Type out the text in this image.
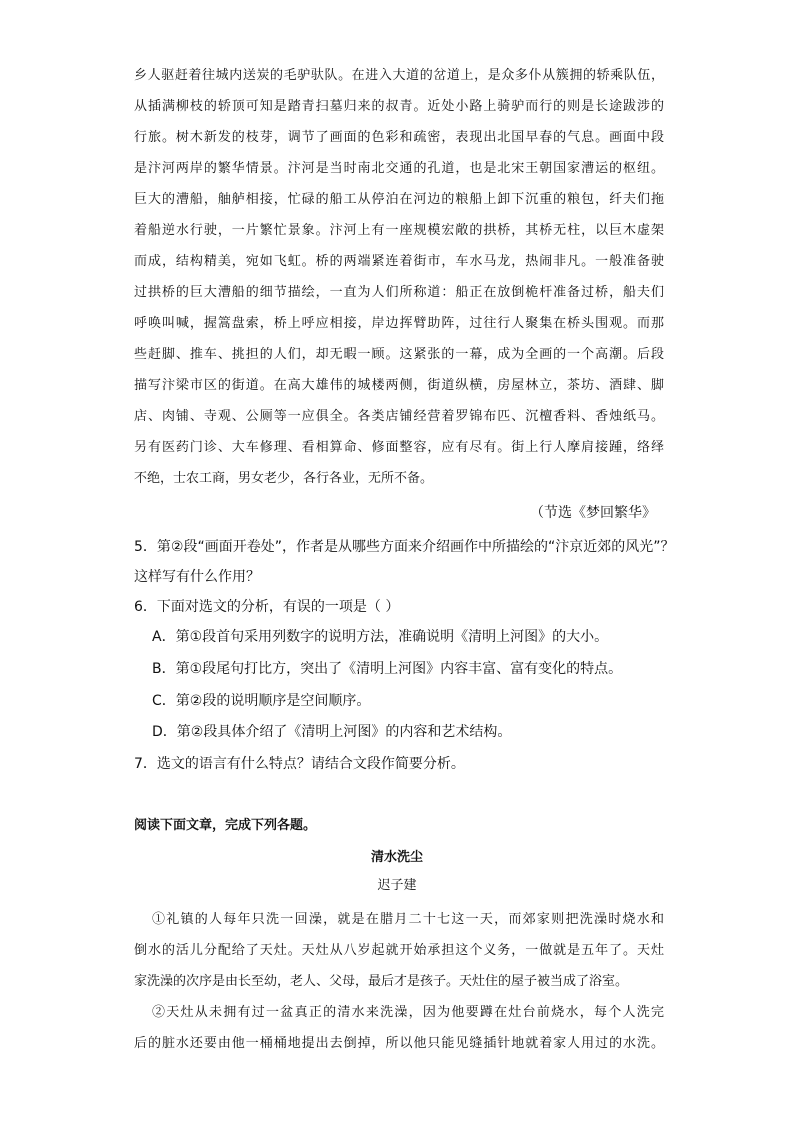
乡人驱赶着往城内送炭的毛驴驮队。在进入大道的岔道上，是众多仆从簇拥的轿乘队伍，
从插满柳枝的轿顶可知是踏青扫墓归来的叔青。近处小路上骑驴而行的则是长途跋涉的
行旅。树木新发的枝芽，调节了画面的色彩和疏密，表现出北国早春的气息。画面中段
是汴河两岸的繁华情景。汴河是当时南北交通的孔道，也是北宋王朝国家漕运的枢纽。
巨大的漕船，舳舻相接，忙碌的船工从停泊在河边的粮船上卸下沉重的粮包，纤夫们拖
着船逆水行驶，一片繁忙景象。汴河上有一座规模宏敞的拱桥，其桥无柱，以巨木虚架
而成，结构精美，宛如飞虹。桥的两端紧连着街市，车水马龙，热闹非凡。一般准备驶
过拱桥的巨大漕船的细节描绘，一直为人们所称道：船正在放倒桅杆准备过桥，船夫们
呼唤叫喊，握篙盘索，桥上呼应相接，岸边挥臂助阵，过往行人聚集在桥头围观。而那
些赶脚、推车、挑担的人们，却无暇一顾。这紧张的一幕，成为全画的一个高潮。后段
描写汴梁市区的街道。在高大雄伟的城楼两侧，街道纵横，房屋林立，茶坊、酒肆、脚
店、肉铺、寺观、公厕等一应俱全。各类店铺经营着罗锦布匹、沉檀香料、香烛纸马。
另有医药门诊、大车修理、看相算命、修面整容，应有尽有。街上行人摩肩接踵，络绎
不绝，士农工商，男女老少，各行各业，无所不备。
（节选《梦回繁华》
5．第②段“画面开卷处”，作者是从哪些方面来介绍画作中所描绘的“汴京近郊的风光”？
这样写有什么作用？
6．下面对选文的分析，有误的一项是（ ）
A．第①段首句采用列数字的说明方法，准确说明《清明上河图》的大小。
B．第①段尾句打比方，突出了《清明上河图》内容丰富、富有变化的特点。
C．第②段的说明顺序是空间顺序。
D．第②段具体介绍了《清明上河图》的内容和艺术结构。
7．选文的语言有什么特点？请结合文段作简要分析。
阅读下面文章，完成下列各题。
清水洗尘
迟子建
①礼镇的人每年只洗一回澡，就是在腊月二十七这一天，而郊家则把洗澡时烧水和
倒水的活儿分配给了天灶。天灶从八岁起就开始承担这个义务，一做就是五年了。天灶
家洗澡的次序是由长至幼，老人、父母，最后才是孩子。天灶住的屋子被当成了浴室。
②天灶从未拥有过一盆真正的清水来洗澡，因为他要蹲在灶台前烧水，每个人洗完
后的脏水还要由他一桶桶地提出去倒掉，所以他只能见缝插针地就着家人用过的水洗。
